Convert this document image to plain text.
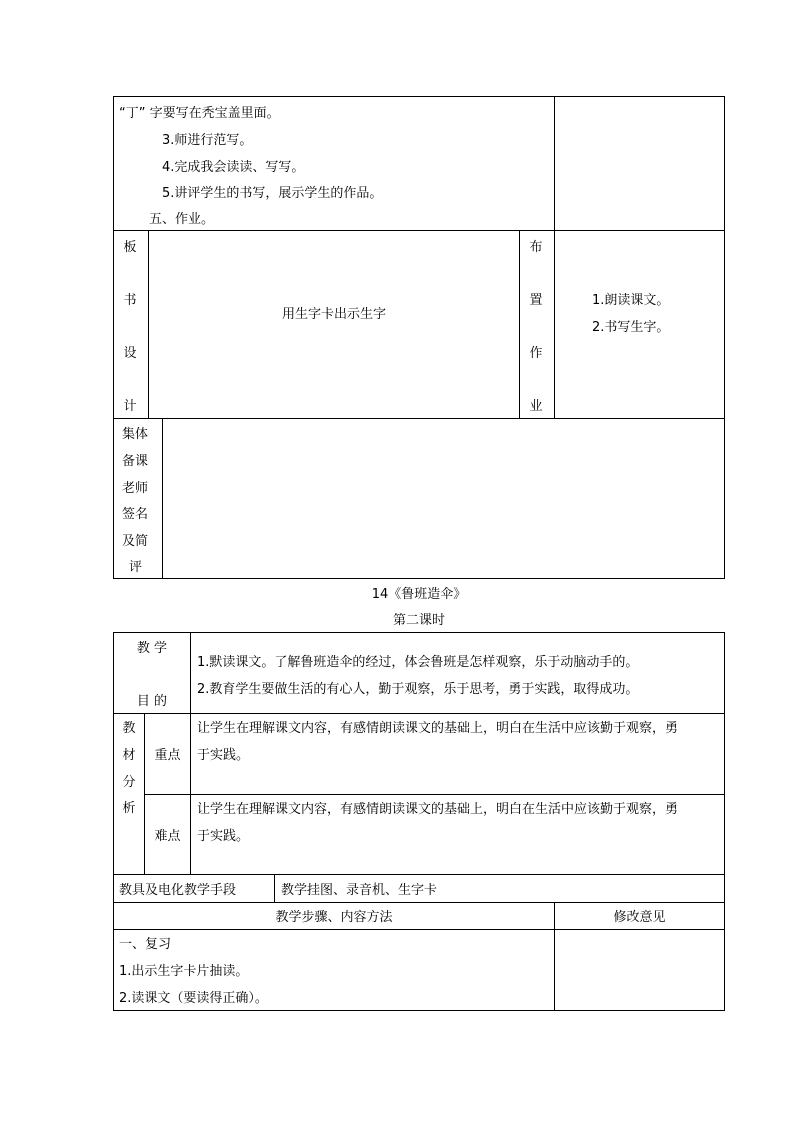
“丁” 字要写在秃宝盖里面。
3.师进行范写。
4.完成我会读读、写写。
5.讲评学生的书写，展示学生的作品。
五、作业。
板
书
设
计
用生字卡出示生字
布
置
作
业
1.朗读课文。
2.书写生字。
集体
备课
老师
签名
及简
评
14《鲁班造伞》
第二课时
教 学
目 的
1.默读课文。了解鲁班造伞的经过，体会鲁班是怎样观察，乐于动脑动手的。
2.教育学生要做生活的有心人，勤于观察，乐于思考，勇于实践，取得成功。
教
材
分
析
重点
让学生在理解课文内容，有感情朗读课文的基础上，明白在生活中应该勤于观察，勇
于实践。
难点
让学生在理解课文内容，有感情朗读课文的基础上，明白在生活中应该勤于观察，勇
于实践。
教具及电化教学手段	教学挂图、录音机、生字卡
教学步骤、内容方法	修改意见
一、复习
1.出示生字卡片抽读。
2.读课文（要读得正确）。
